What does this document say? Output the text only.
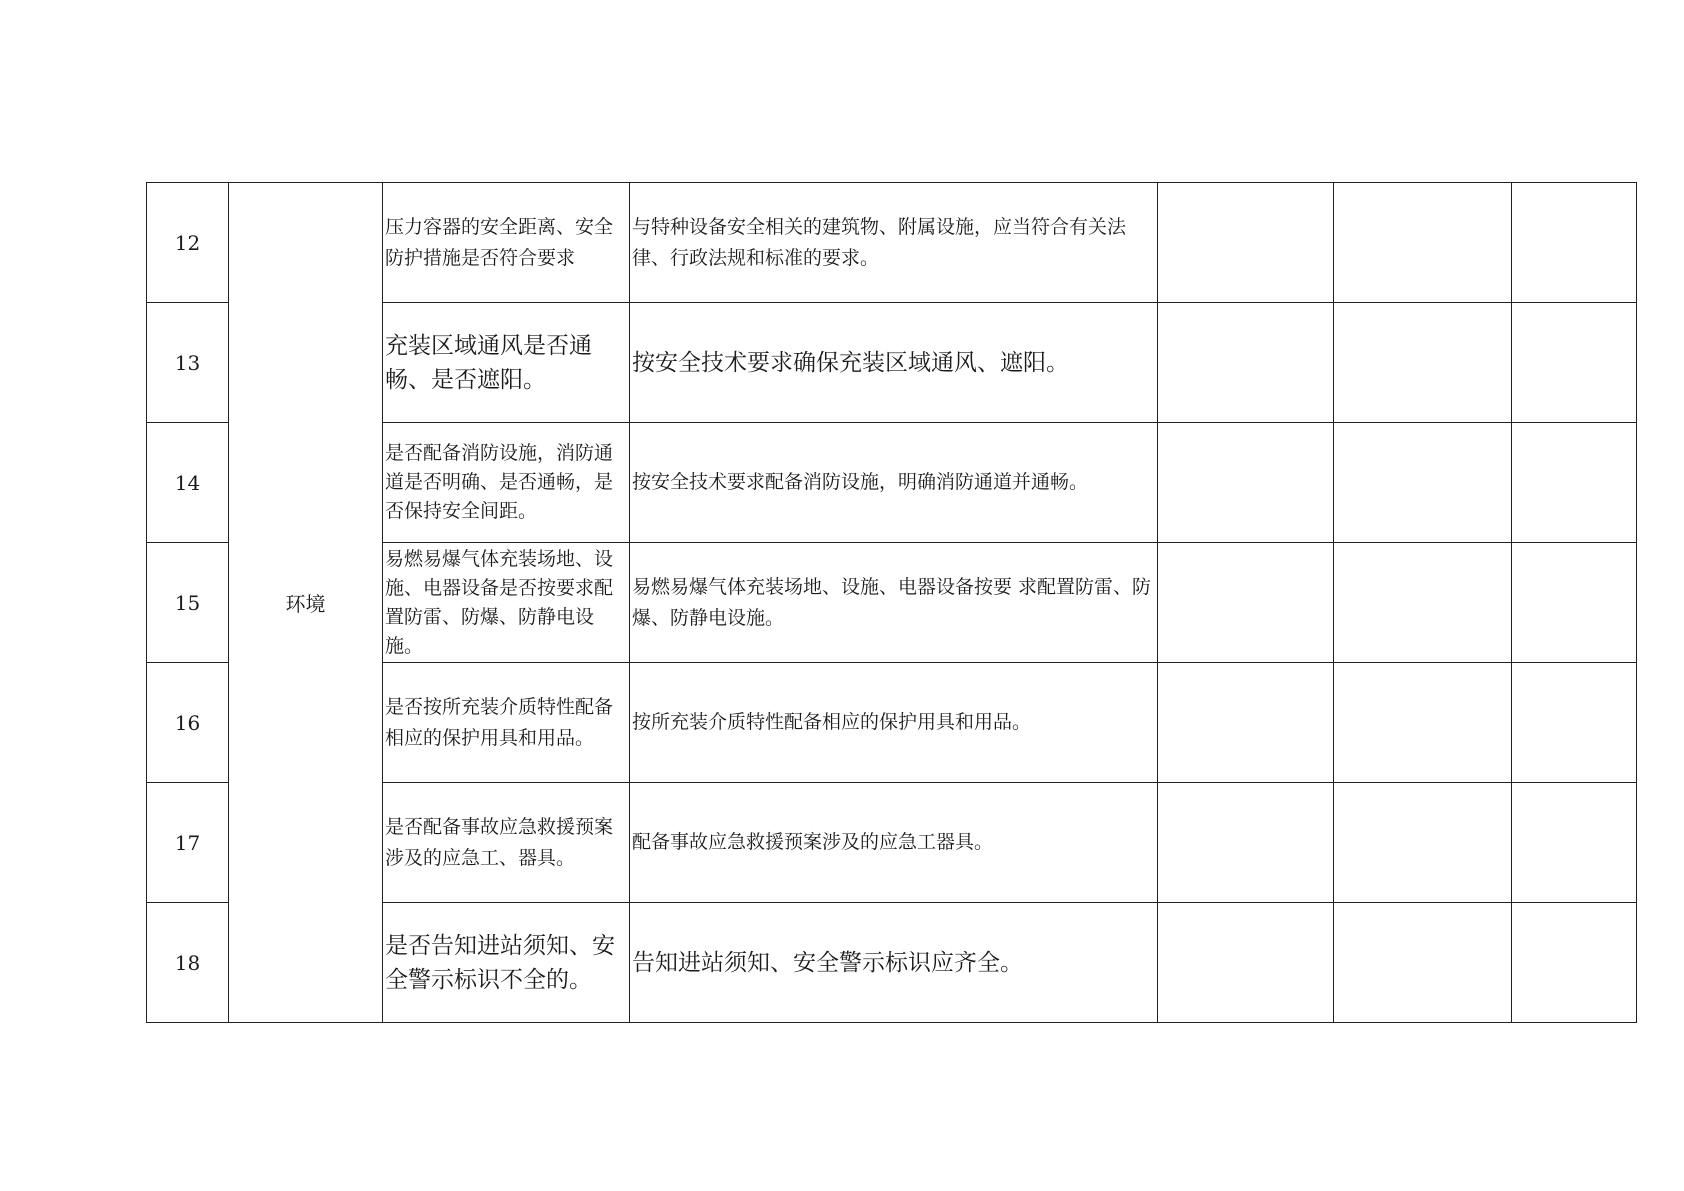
12	环境	压力容器的安全距离、安全防护措施是否符合要求	与特种设备安全相关的建筑物、附属设施，应当符合有关法律、行政法规和标准的要求。			
13		充装区域通风是否通畅、是否遮阳。	按安全技术要求确保充装区域通风、遮阳。			
14		是否配备消防设施，消防通道是否明确、是否通畅，是否保持安全间距。	按安全技术要求配备消防设施，明确消防通道并通畅。			
15		易燃易爆气体充装场地、设施、电器设备是否按要求配置防雷、防爆、防静电设施。	易燃易爆气体充装场地、设施、电器设备按要 求配置防雷、防爆、防静电设施。			
16		是否按所充装介质特性配备相应的保护用具和用品。	按所充装介质特性配备相应的保护用具和用品。			
17		是否配备事故应急救援预案涉及的应急工、器具。	配备事故应急救援预案涉及的应急工器具。			
18		是否告知进站须知、安全警示标识不全的。	告知进站须知、安全警示标识应齐全。			
